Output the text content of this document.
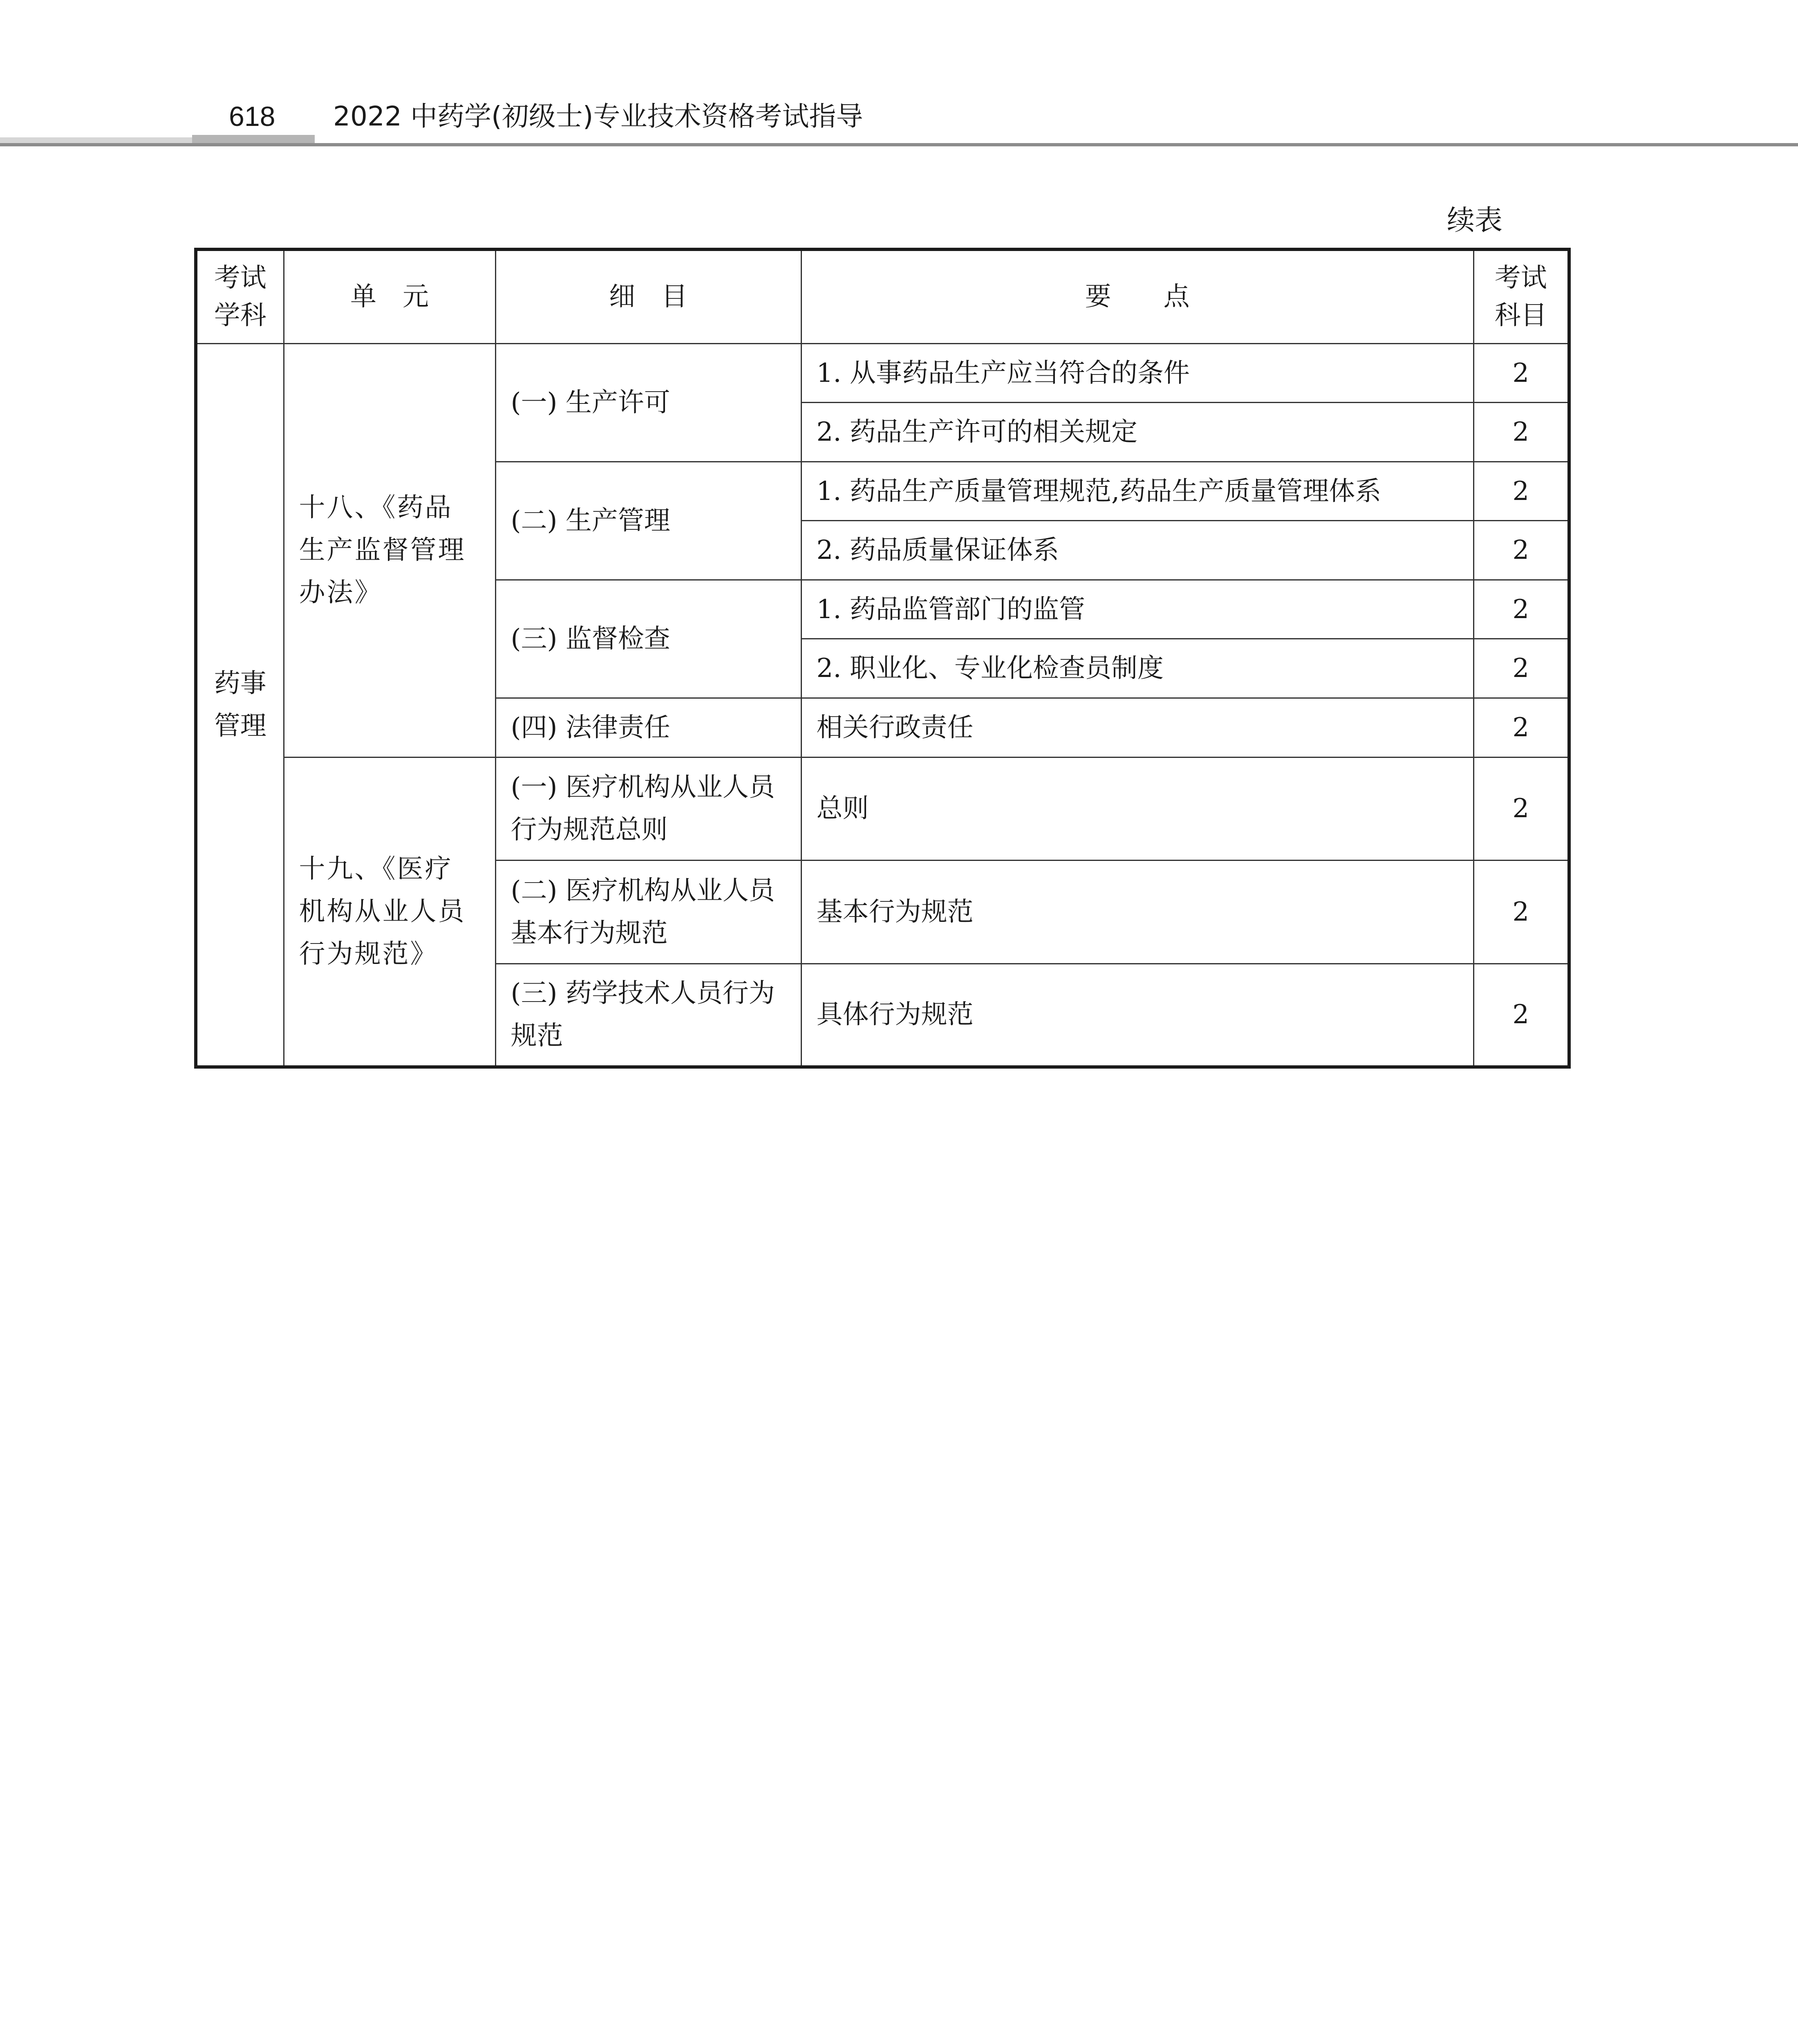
618 2022 中药学(初级士)专业技术资格考试指导
续表
考试学科	单　元	细　目	要　　点	考试科目

药事管理	十八、《药品生产监督管理办法》	(一) 生产许可	1. 从事药品生产应当符合的条件	2
			2. 药品生产许可的相关规定	2
		(二) 生产管理	1. 药品生产质量管理规范,药品生产质量管理体系	2
			2. 药品质量保证体系	2
		(三) 监督检查	1. 药品监管部门的监管	2
			2. 职业化、专业化检查员制度	2
		(四) 法律责任	相关行政责任	2
	十九、《医疗机构从业人员行为规范》	(一) 医疗机构从业人员行为规范总则	总则	2
		(二) 医疗机构从业人员基本行为规范	基本行为规范	2
		(三) 药学技术人员行为规范	具体行为规范	2
